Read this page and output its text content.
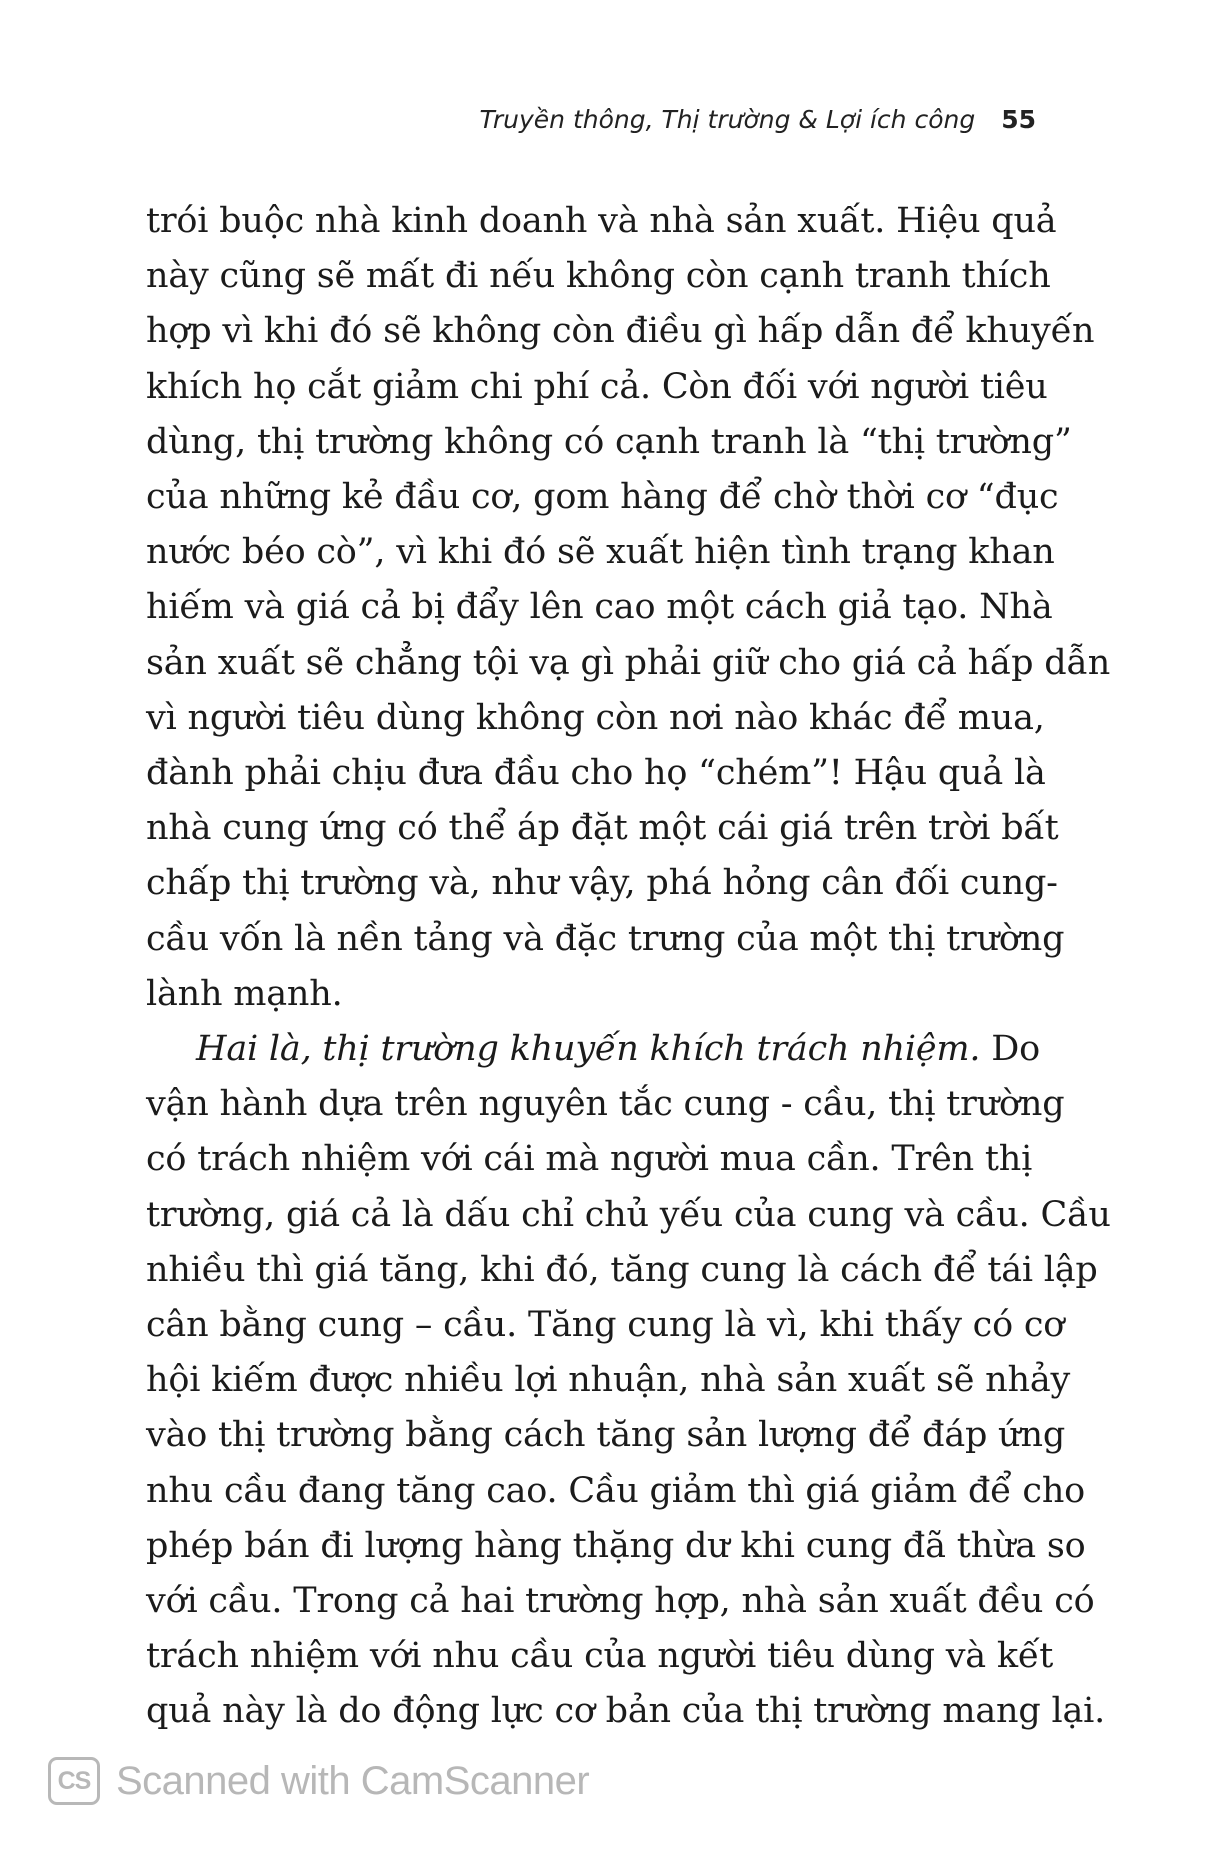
Truyền thông, Thị trường & Lợi ích công 55
trói buộc nhà kinh doanh và nhà sản xuất. Hiệu quả
này cũng sẽ mất đi nếu không còn cạnh tranh thích
hợp vì khi đó sẽ không còn điều gì hấp dẫn để khuyến
khích họ cắt giảm chi phí cả. Còn đối với người tiêu
dùng, thị trường không có cạnh tranh là “thị trường”
của những kẻ đầu cơ, gom hàng để chờ thời cơ “đục
nước béo cò”, vì khi đó sẽ xuất hiện tình trạng khan
hiếm và giá cả bị đẩy lên cao một cách giả tạo. Nhà
sản xuất sẽ chẳng tội vạ gì phải giữ cho giá cả hấp dẫn
vì người tiêu dùng không còn nơi nào khác để mua,
đành phải chịu đưa đầu cho họ “chém”! Hậu quả là
nhà cung ứng có thể áp đặt một cái giá trên trời bất
chấp thị trường và, như vậy, phá hỏng cân đối cung-
cầu vốn là nền tảng và đặc trưng của một thị trường
lành mạnh.
Hai là, thị trường khuyến khích trách nhiệm. Do
vận hành dựa trên nguyên tắc cung - cầu, thị trường
có trách nhiệm với cái mà người mua cần. Trên thị
trường, giá cả là dấu chỉ chủ yếu của cung và cầu. Cầu
nhiều thì giá tăng, khi đó, tăng cung là cách để tái lập
cân bằng cung – cầu. Tăng cung là vì, khi thấy có cơ
hội kiếm được nhiều lợi nhuận, nhà sản xuất sẽ nhảy
vào thị trường bằng cách tăng sản lượng để đáp ứng
nhu cầu đang tăng cao. Cầu giảm thì giá giảm để cho
phép bán đi lượng hàng thặng dư khi cung đã thừa so
với cầu. Trong cả hai trường hợp, nhà sản xuất đều có
trách nhiệm với nhu cầu của người tiêu dùng và kết
quả này là do động lực cơ bản của thị trường mang lại.
CS Scanned with CamScanner
